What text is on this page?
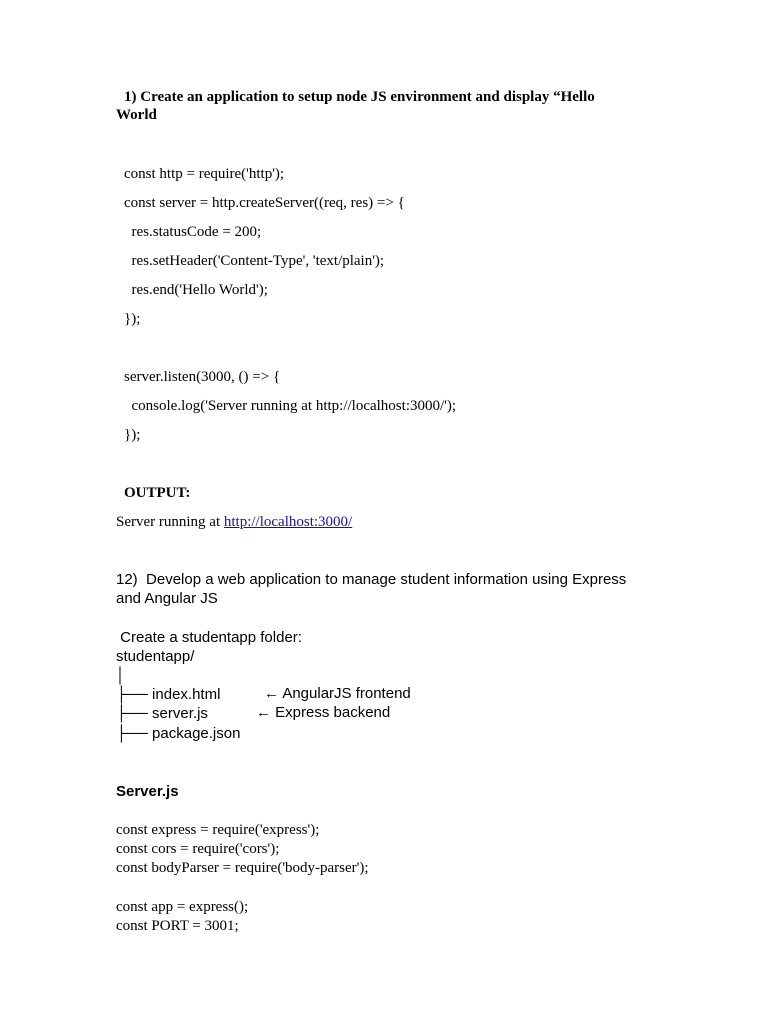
1) Create an application to setup node JS environment and display “Hello
World
const http = require('http');
const server = http.createServer((req, res) => {
res.statusCode = 200;
res.setHeader('Content-Type', 'text/plain');
res.end('Hello World');
});
server.listen(3000, () => {
console.log('Server running at http://localhost:3000/');
});
OUTPUT:
Server running at http://localhost:3000/
12)  Develop a web application to manage student information using Express
and Angular JS
Create a studentapp folder:
studentapp/
│
├── index.html	← AngularJS frontend
├── server.js	← Express backend
├── package.json
Server.js
const express = require('express');
const cors = require('cors');
const bodyParser = require('body-parser');
const app = express();
const PORT = 3001;
